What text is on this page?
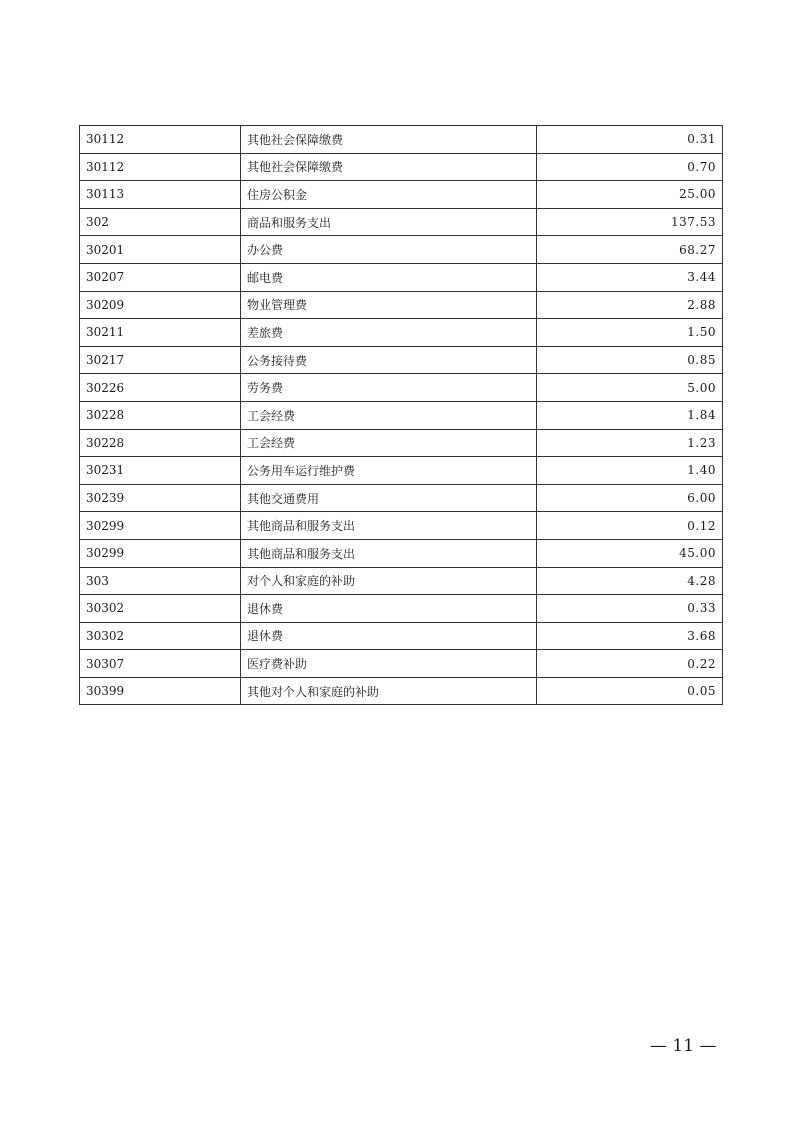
30112	其他社会保障缴费	0.31
30112	其他社会保障缴费	0.70
30113	住房公积金	25.00
302	商品和服务支出	137.53
30201	办公费	68.27
30207	邮电费	3.44
30209	物业管理费	2.88
30211	差旅费	1.50
30217	公务接待费	0.85
30226	劳务费	5.00
30228	工会经费	1.84
30228	工会经费	1.23
30231	公务用车运行维护费	1.40
30239	其他交通费用	6.00
30299	其他商品和服务支出	0.12
30299	其他商品和服务支出	45.00
303	对个人和家庭的补助	4.28
30302	退休费	0.33
30302	退休费	3.68
30307	医疗费补助	0.22
30399	其他对个人和家庭的补助	0.05
— 11 —
